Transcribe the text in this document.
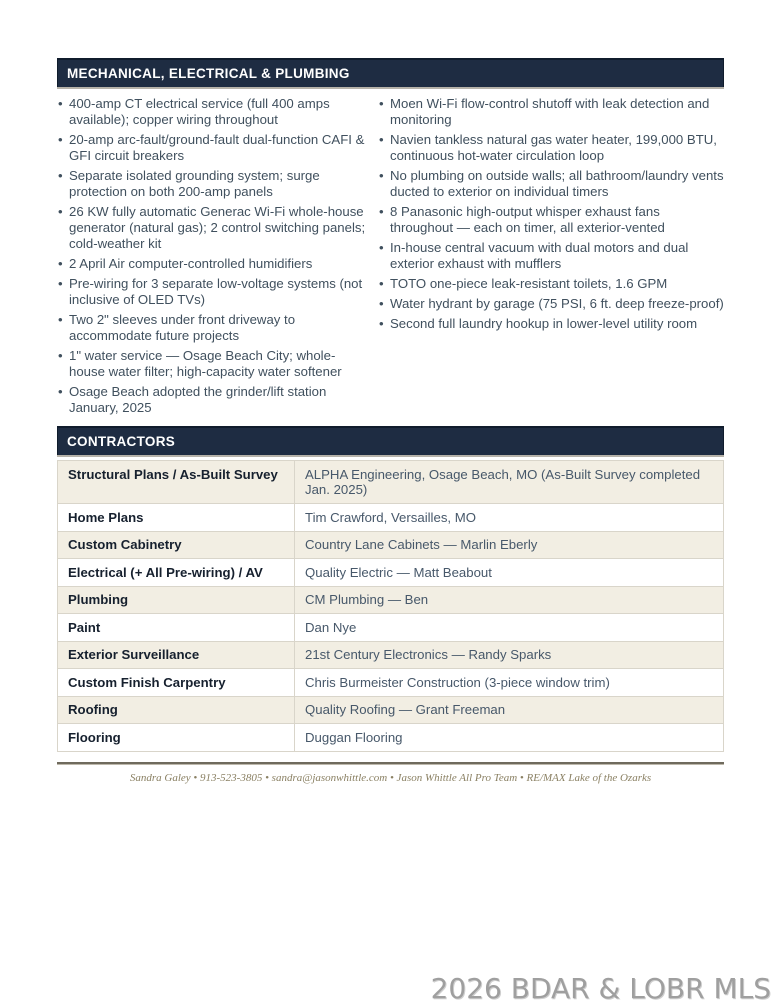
MECHANICAL, ELECTRICAL & PLUMBING
• 400-amp CT electrical service (full 400 amps available); copper wiring throughout
• 20-amp arc-fault/ground-fault dual-function CAFI & GFI circuit breakers
• Separate isolated grounding system; surge protection on both 200-amp panels
• 26 KW fully automatic Generac Wi-Fi whole-house generator (natural gas); 2 control switching panels; cold-weather kit
• 2 April Air computer-controlled humidifiers
• Pre-wiring for 3 separate low-voltage systems (not inclusive of OLED TVs)
• Two 2" sleeves under front driveway to accommodate future projects
• 1" water service — Osage Beach City; whole-house water filter; high-capacity water softener
• Osage Beach adopted the grinder/lift station January, 2025
• Moen Wi-Fi flow-control shutoff with leak detection and monitoring
• Navien tankless natural gas water heater, 199,000 BTU, continuous hot-water circulation loop
• No plumbing on outside walls; all bathroom/laundry vents ducted to exterior on individual timers
• 8 Panasonic high-output whisper exhaust fans throughout — each on timer, all exterior-vented
• In-house central vacuum with dual motors and dual exterior exhaust with mufflers
• TOTO one-piece leak-resistant toilets, 1.6 GPM
• Water hydrant by garage (75 PSI, 6 ft. deep freeze-proof)
• Second full laundry hookup in lower-level utility room
CONTRACTORS
Structural Plans / As-Built Survey	ALPHA Engineering, Osage Beach, MO (As-Built Survey completed Jan. 2025)
Home Plans	Tim Crawford, Versailles, MO
Custom Cabinetry	Country Lane Cabinets — Marlin Eberly
Electrical (+ All Pre-wiring) / AV	Quality Electric — Matt Beabout
Plumbing	CM Plumbing — Ben
Paint	Dan Nye
Exterior Surveillance	21st Century Electronics — Randy Sparks
Custom Finish Carpentry	Chris Burmeister Construction (3-piece window trim)
Roofing	Quality Roofing — Grant Freeman
Flooring	Duggan Flooring
Sandra Galey • 913-523-3805 • sandra@jasonwhittle.com • Jason Whittle All Pro Team • RE/MAX Lake of the Ozarks
2026 BDAR & LOBR MLS
